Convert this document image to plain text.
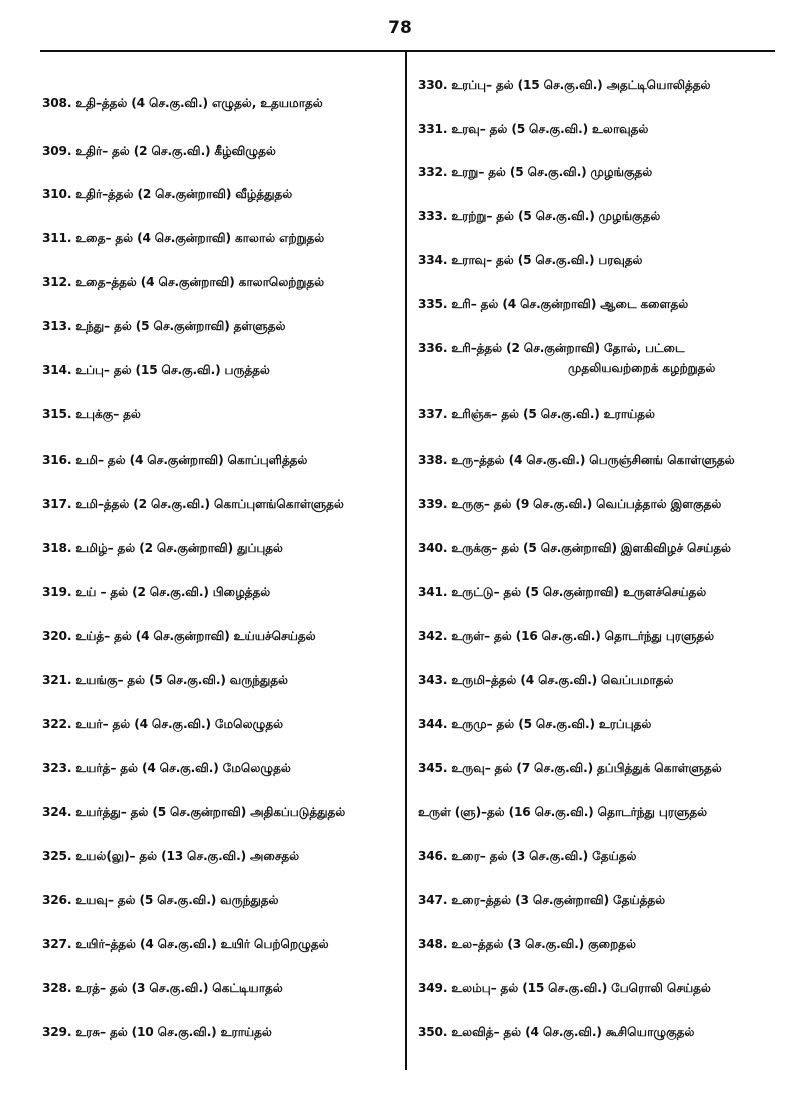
78
308. உதி–த்தல் (4 செ.கு.வி.) எழுதல், உதயமாதல்
309. உதிர்– தல் (2 செ.கு.வி.) கீழ்விழுதல்
310. உதிர்–த்தல் (2 செ.குன்றாவி) வீழ்த்துதல்
311. உதை– தல் (4 செ.குன்றாவி) காலால் எற்றுதல்
312. உதை–த்தல் (4 செ.குன்றாவி) காலாலெற்றுதல்
313. உந்து– தல் (5 செ.குன்றாவி) தள்ளுதல்
314. உப்பு– தல் (15 செ.கு.வி.) பருத்தல்
315. உபுக்கு– தல்
316. உமி– தல் (4 செ.குன்றாவி) கொப்புளித்தல்
317. உமி–த்தல் (2 செ.கு.வி.) கொப்புளங்கொள்ளுதல்
318. உமிழ்– தல் (2 செ.குன்றாவி) துப்புதல்
319. உய் – தல் (2 செ.கு.வி.) பிழைத்தல்
320. உய்த்– தல் (4 செ.குன்றாவி) உய்யச்செய்தல்
321. உயங்கு– தல் (5 செ.கு.வி.) வருந்துதல்
322. உயர்– தல் (4 செ.கு.வி.) மேலெழுதல்
323. உயர்த்– தல் (4 செ.கு.வி.) மேலெழுதல்
324. உயர்த்து– தல் (5 செ.குன்றாவி) அதிகப்படுத்துதல்
325. உயல்(லு)– தல் (13 செ.கு.வி.) அசைதல்
326. உயவு– தல் (5 செ.கு.வி.) வருந்துதல்
327. உயிர்–த்தல் (4 செ.கு.வி.) உயிர் பெற்றெழுதல்
328. உரத்– தல் (3 செ.கு.வி.) கெட்டியாதல்
329. உரசு– தல் (10 செ.கு.வி.) உராய்தல்
330. உரப்பு– தல் (15 செ.கு.வி.) அதட்டியொலித்தல்
331. உரவு– தல் (5 செ.கு.வி.) உலாவுதல்
332. உரறு– தல் (5 செ.கு.வி.) முழங்குதல்
333. உரற்று– தல் (5 செ.கு.வி.) முழங்குதல்
334. உராவு– தல் (5 செ.கு.வி.) பரவுதல்
335. உரி– தல் (4 செ.குன்றாவி) ஆடை களைதல்
336. உரி–த்தல் (2 செ.குன்றாவி) தோல், பட்டை
முதலியவற்றைக் கழற்றுதல்
337. உரிஞ்சு– தல் (5 செ.கு.வி.) உராய்தல்
338. உரு–த்தல் (4 செ.கு.வி.) பெருஞ்சினங் கொள்ளுதல்
339. உருகு– தல் (9 செ.கு.வி.) வெப்பத்தால் இளகுதல்
340. உருக்கு– தல் (5 செ.குன்றாவி) இளகிவிழச் செய்தல்
341. உருட்டு– தல் (5 செ.குன்றாவி) உருளச்செய்தல்
342. உருள்– தல் (16 செ.கு.வி.) தொடர்ந்து புரளுதல்
343. உருமி–த்தல் (4 செ.கு.வி.) வெப்பமாதல்
344. உருமு– தல் (5 செ.கு.வி.) உரப்புதல்
345. உருவு– தல் (7 செ.கு.வி.) தப்பித்துக் கொள்ளுதல்
உருள் (ளு)–தல் (16 செ.கு.வி.) தொடர்ந்து புரளுதல்
346. உரை– தல் (3 செ.கு.வி.) தேய்தல்
347. உரை–த்தல் (3 செ.குன்றாவி) தேய்த்தல்
348. உல–த்தல் (3 செ.கு.வி.) குறைதல்
349. உலம்பு– தல் (15 செ.கு.வி.) பேரொலி செய்தல்
350. உலவித்– தல் (4 செ.கு.வி.) கூசியொழுகுதல்
